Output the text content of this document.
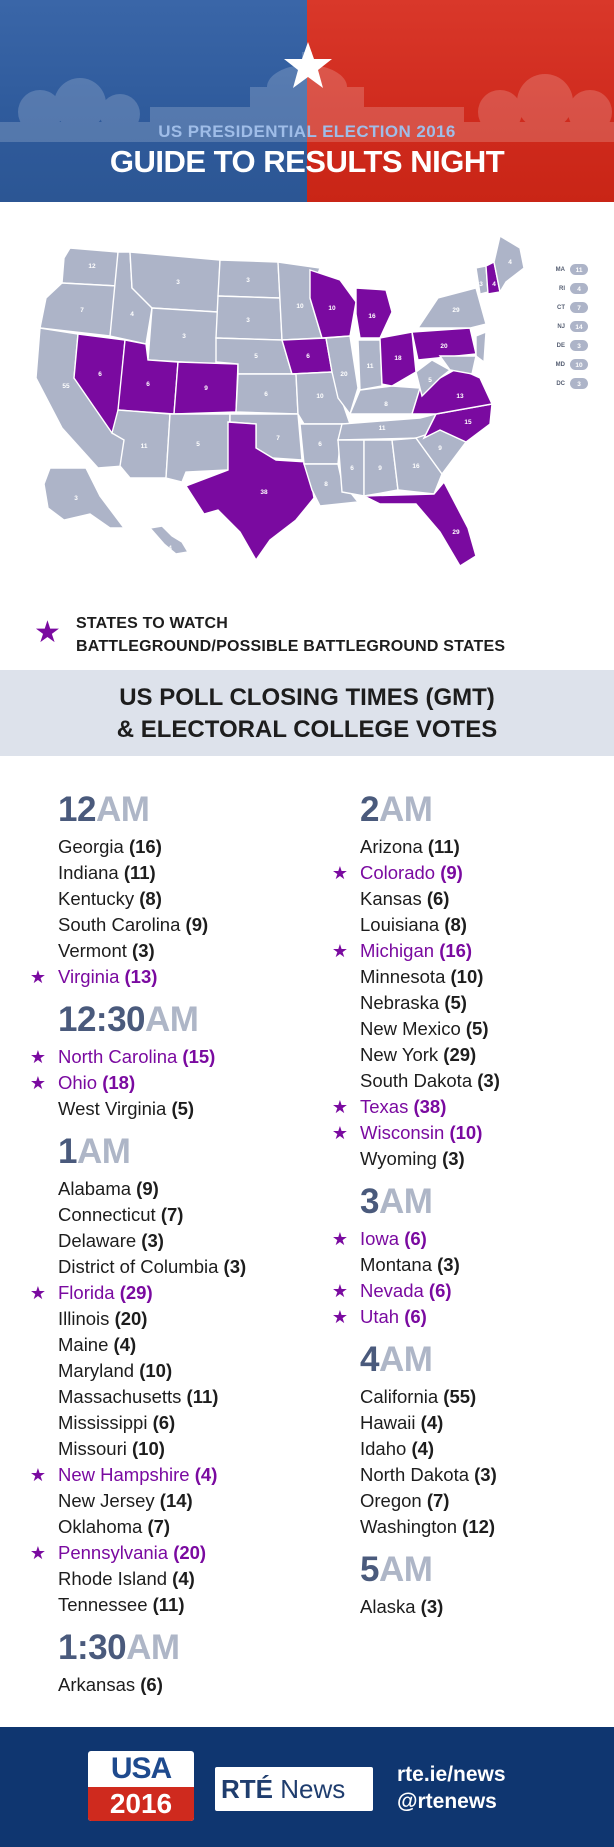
US PRESIDENTIAL ELECTION 2016
GUIDE TO RESULTS NIGHT
12
7
55
6
4
3
3
6
11
9
5
3
3
5
6
7
38
10
6
10
6
8
10
20
16
11
18
8
11
6	9	16
29
9
15
13
5
20
29
3 4
4
3
4
MA 11
RI 4
CT 7
NJ 14
DE 3
MD 10
DC 3
★ STATES TO WATCH
BATTLEGROUND/POSSIBLE BATTLEGROUND STATES
US POLL CLOSING TIMES (GMT)
& ELECTORAL COLLEGE VOTES
12AM
Georgia (16)
Indiana (11)
Kentucky (8)
South Carolina (9)
Vermont (3)
★ Virginia (13)
12:30AM
★ North Carolina (15)
★ Ohio (18)
West Virginia (5)
1AM
Alabama (9)
Connecticut (7)
Delaware (3)
District of Columbia (3)
★ Florida (29)
Illinois (20)
Maine (4)
Maryland (10)
Massachusetts (11)
Mississippi (6)
Missouri (10)
★ New Hampshire (4)
New Jersey (14)
Oklahoma (7)
★ Pennsylvania (20)
Rhode Island (4)
Tennessee (11)
1:30AM
Arkansas (6)
2AM
Arizona (11)
★ Colorado (9)
Kansas (6)
Louisiana (8)
★ Michigan (16)
Minnesota (10)
Nebraska (5)
New Mexico (5)
New York (29)
South Dakota (3)
★ Texas (38)
★ Wisconsin (10)
Wyoming (3)
3AM
★ Iowa (6)
Montana (3)
★ Nevada (6)
★ Utah (6)
4AM
California (55)
Hawaii (4)
Idaho (4)
North Dakota (3)
Oregon (7)
Washington (12)
5AM
Alaska (3)
USA
2016	RTÉ News rte.ie/news
@rtenews
